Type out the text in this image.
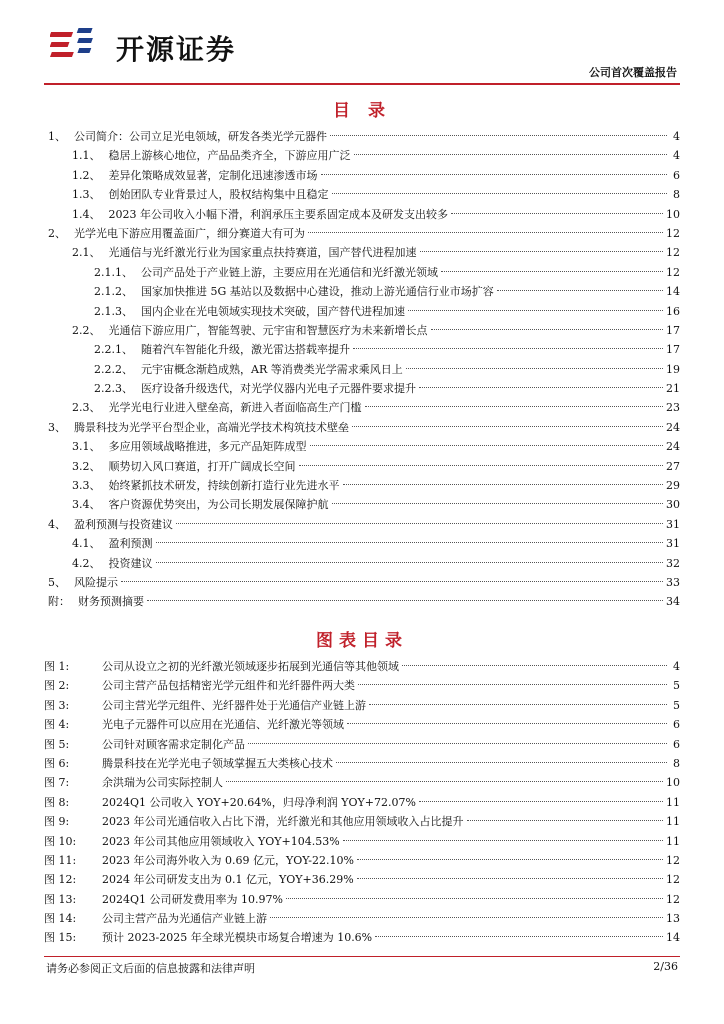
开源证券
公司首次覆盖报告
目 录
1、 公司简介：公司立足光电领域，研发各类光学元器件	4
1.1、 稳居上游核心地位，产品品类齐全，下游应用广泛	4
1.2、 差异化策略成效显著，定制化迅速渗透市场	6
1.3、 创始团队专业背景过人，股权结构集中且稳定	8
1.4、 2023 年公司收入小幅下滑，利润承压主要系固定成本及研发支出较多	10
2、 光学光电下游应用覆盖面广，细分赛道大有可为	12
2.1、 光通信与光纤激光行业为国家重点扶持赛道，国产替代进程加速	12
2.1.1、 公司产品处于产业链上游，主要应用在光通信和光纤激光领域	12
2.1.2、 国家加快推进 5G 基站以及数据中心建设，推动上游光通信行业市场扩容	14
2.1.3、 国内企业在光电领域实现技术突破，国产替代进程加速	16
2.2、 光通信下游应用广，智能驾驶、元宇宙和智慧医疗为未来新增长点	17
2.2.1、 随着汽车智能化升级，激光雷达搭载率提升	17
2.2.2、 元宇宙概念渐趋成熟，AR 等消费类光学需求乘风日上	19
2.2.3、 医疗设备升级迭代，对光学仪器内光电子元器件要求提升	21
2.3、 光学光电行业进入壁垒高，新进入者面临高生产门槛	23
3、 腾景科技为光学平台型企业，高端光学技术构筑技术壁垒	24
3.1、 多应用领域战略推进，多元产品矩阵成型	24
3.2、 顺势切入风口赛道，打开广阔成长空间	27
3.3、 始终紧抓技术研发，持续创新打造行业先进水平	29
3.4、 客户资源优势突出，为公司长期发展保障护航	30
4、 盈利预测与投资建议	31
4.1、 盈利预测	31
4.2、 投资建议	32
5、 风险提示	33
附： 财务预测摘要	34
图表目录
图 1:	公司从设立之初的光纤激光领域逐步拓展到光通信等其他领域	4
图 2:	公司主营产品包括精密光学元组件和光纤器件两大类	5
图 3:	公司主营光学元组件、光纤器件处于光通信产业链上游	5
图 4:	光电子元器件可以应用在光通信、光纤激光等领域	6
图 5:	公司针对顾客需求定制化产品	6
图 6:	腾景科技在光学光电子领域掌握五大类核心技术	8
图 7:	余洪瑞为公司实际控制人	10
图 8:	2024Q1 公司收入 YOY+20.64%，归母净利润 YOY+72.07%	11
图 9:	2023 年公司光通信收入占比下滑，光纤激光和其他应用领域收入占比提升	11
图 10:	2023 年公司其他应用领域收入 YOY+104.53%	11
图 11:	2023 年公司海外收入为 0.69 亿元，YOY-22.10%	12
图 12:	2024 年公司研发支出为 0.1 亿元，YOY+36.29%	12
图 13:	2024Q1 公司研发费用率为 10.97%	12
图 14:	公司主营产品为光通信产业链上游	13
图 15:	预计 2023-2025 年全球光模块市场复合增速为 10.6%	14
请务必参阅正文后面的信息披露和法律声明	2/36
